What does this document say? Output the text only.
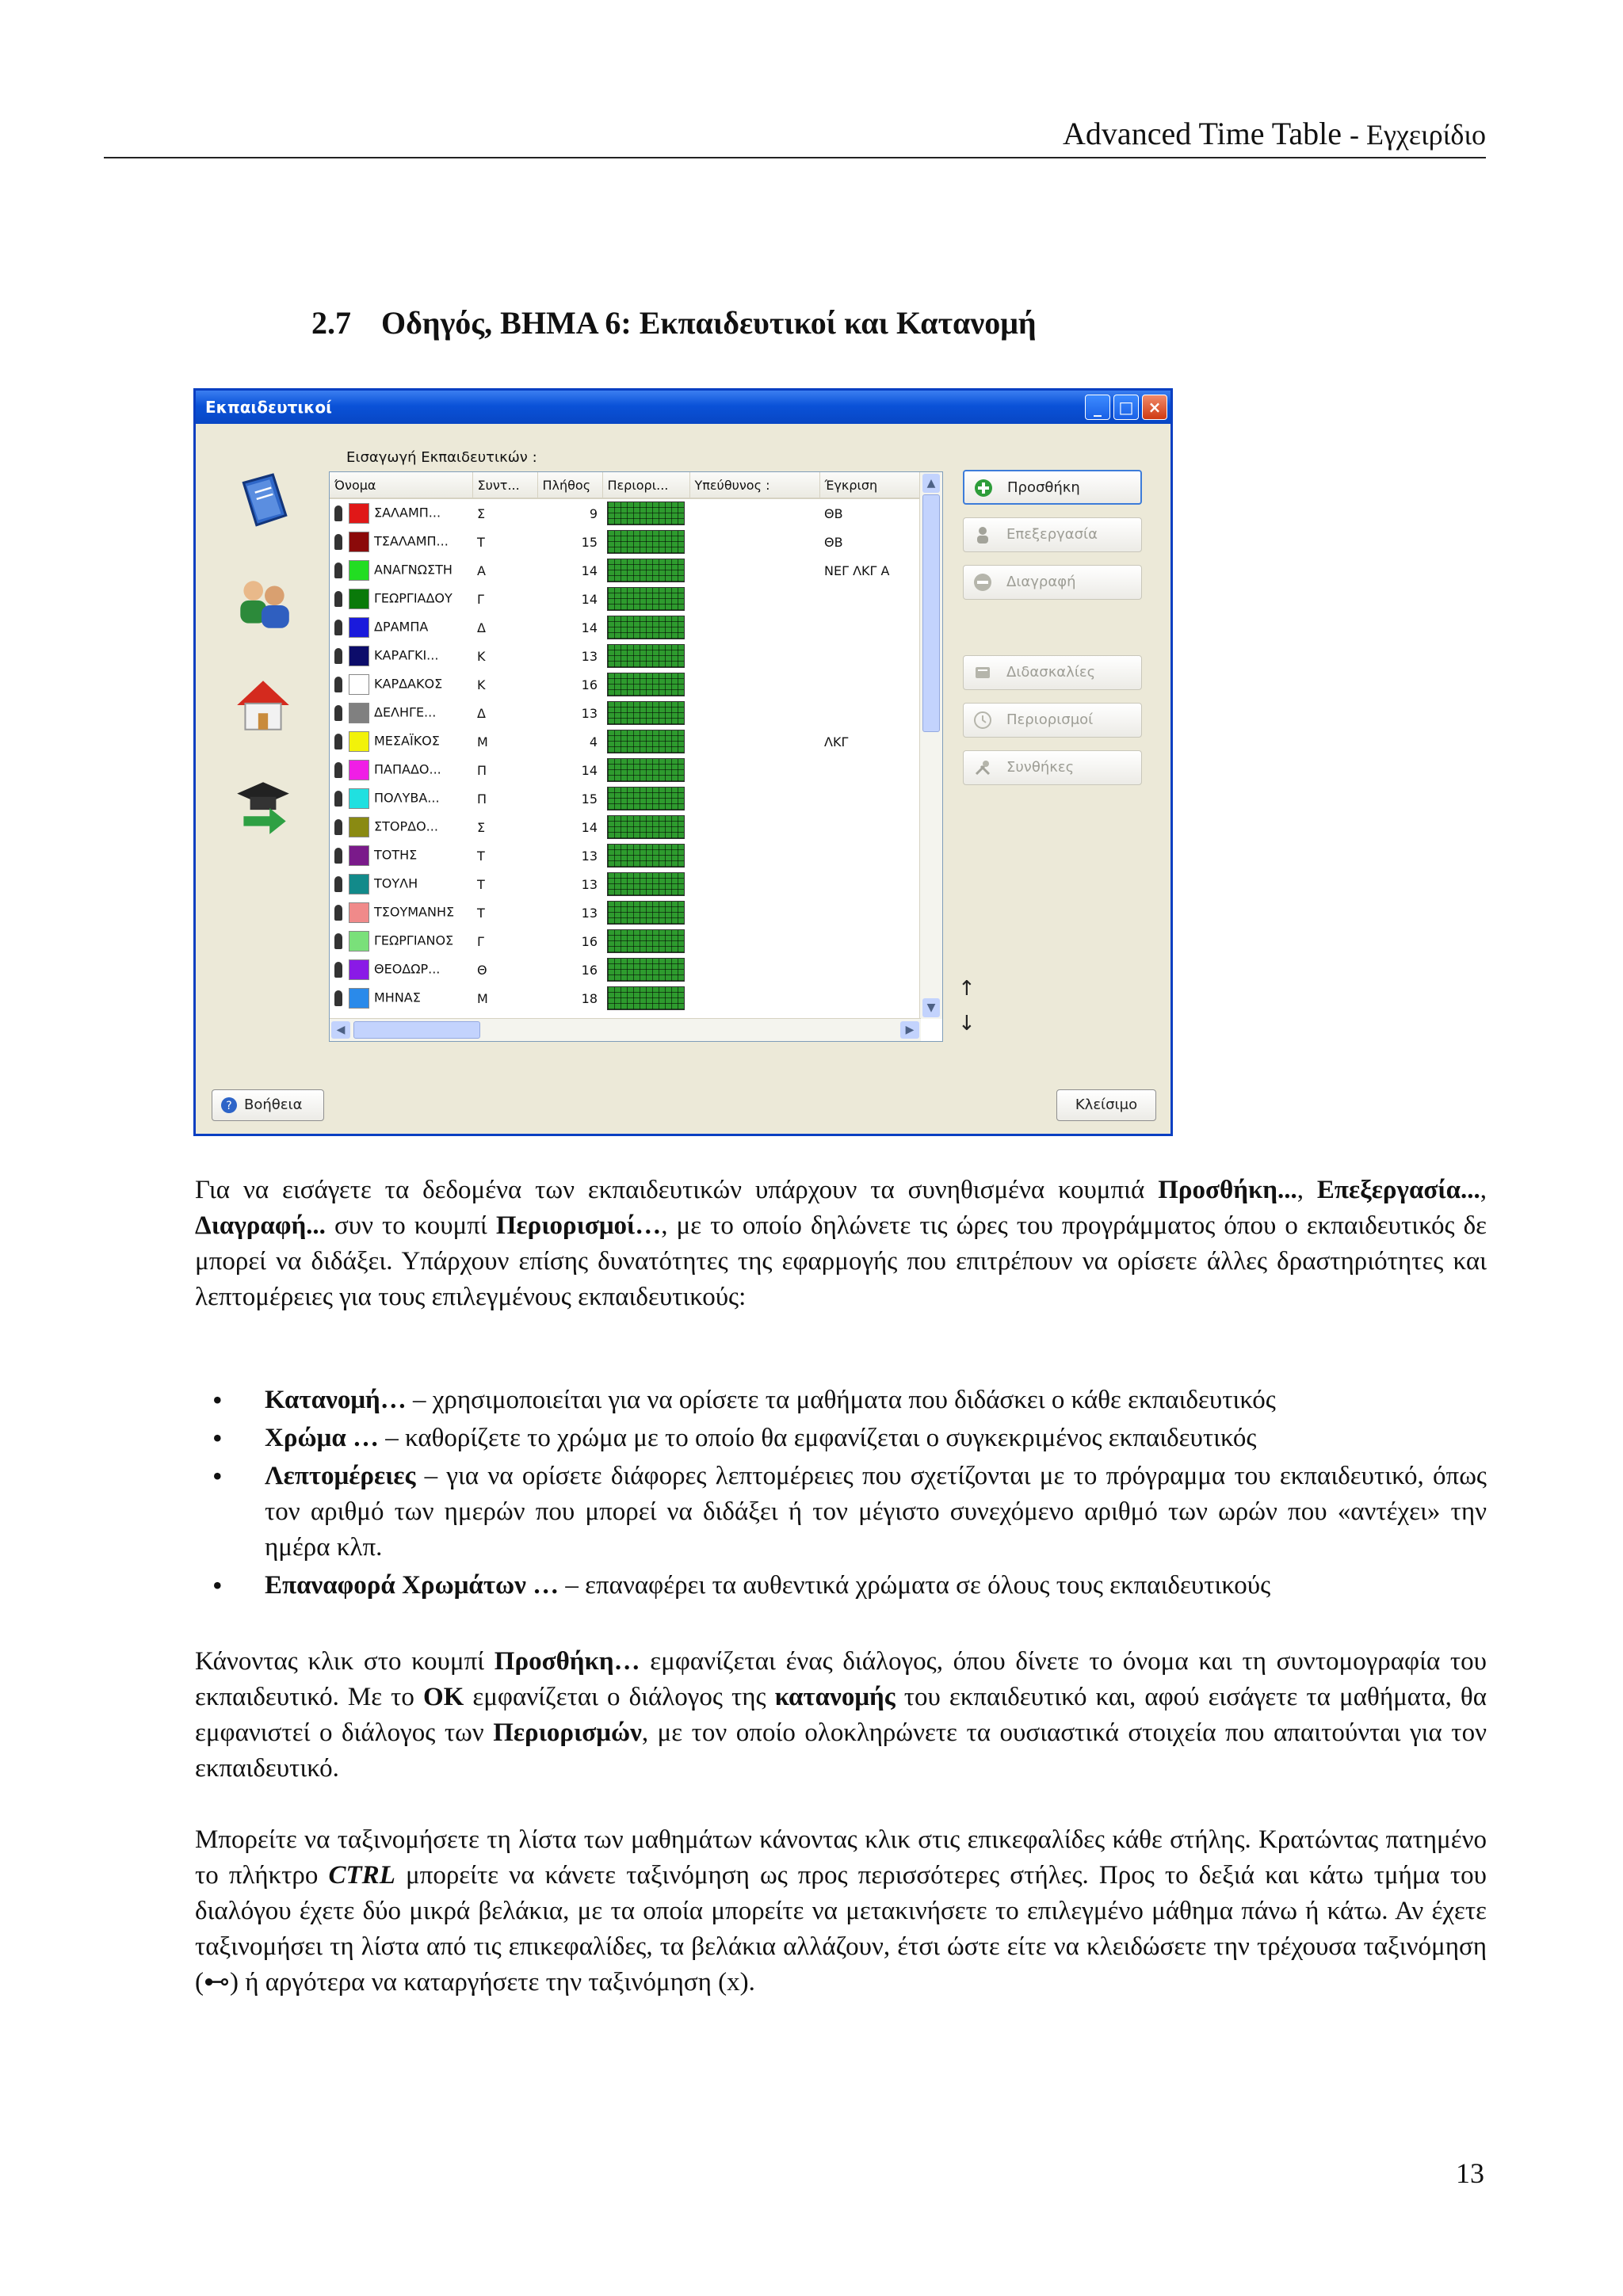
Advanced Time Table - Εγχειρίδιο
2.7 Οδηγός, ΒΗΜΑ 6: Εκπαιδευτικοί και Κατανομή
Εκπαιδευτικοί	_	□ ×

Εισαγωγή Εκπαιδευτικών :
Όνομα	Συντ...	Πλήθος	Περιορι...	Υπεύθυνος :	Έγκριση
ΣΑΛΑΜΠ...	Σ	9			ΘΒ
ΤΣΑΛΑΜΠ...	Τ	15			ΘΒ
ΑΝΑΓΝΩΣΤΗ	Α	14			ΝΕΓ ΛΚΓ Α
ΓΕΩΡΓΙΑΔΟΥ	Γ	14			
ΔΡΑΜΠΑ	Δ	14			
ΚΑΡΑΓΚΙ...	Κ	13			
ΚΑΡΔΑΚΟΣ	Κ	16			
ΔΕΛΗΓΕ...	Δ	13			
ΜΕΣΑΪΚΟΣ	Μ	4			ΛΚΓ
ΠΑΠΑΔΟ...	Π	14			
ΠΟΛΥΒΑ...	Π	15			
ΣΤΟΡΔΟ...	Σ	14			
ΤΟΤΗΣ	Τ	13			
ΤΟΥΛΗ	Τ	13			
ΤΣΟΥΜΑΝΗΣ	Τ	13			
ΓΕΩΡΓΙΑΝΟΣ	Γ	16			
ΘΕΟΔΩΡ...	Θ	16			
ΜΗΝΑΣ	Μ	18			
▲
▼
◀	▶
Προσθήκη
Επεξεργασία
Διαγραφή
Διδασκαλίες
Περιορισμοί
Συνθήκες
↑
↓
? Βοήθεια	Κλείσιμο

Για να εισάγετε τα δεδομένα των εκπαιδευτικών υπάρχουν τα συνηθισμένα κουμπιά Προσθήκη..., Επεξεργασία..., Διαγραφή... συν το κουμπί Περιορισμοί…, με το οποίο δηλώνετε τις ώρες του προγράμματος όπου ο εκπαιδευτικός δε μπορεί να διδάξει. Υπάρχουν επίσης δυνατότητες της εφαρμογής που επιτρέπουν να ορίσετε άλλες δραστηριότητες και λεπτομέρειες για τους επιλεγμένους εκπαιδευτικούς:

• Κατανομή… – χρησιμοποιείται για να ορίσετε τα μαθήματα που διδάσκει ο κάθε εκπαιδευτικός
• Χρώμα … – καθορίζετε το χρώμα με το οποίο θα εμφανίζεται ο συγκεκριμένος εκπαιδευτικός
• Λεπτομέρειες – για να ορίσετε διάφορες λεπτομέρειες που σχετίζονται με το πρόγραμμα του εκπαιδευτικό, όπως τον αριθμό των ημερών που μπορεί να διδάξει ή τον μέγιστο συνεχόμενο αριθμό των ωρών που «αντέχει» την ημέρα κλπ.
• Επαναφορά Χρωμάτων … – επαναφέρει τα αυθεντικά χρώματα σε όλους τους εκπαιδευτικούς

Κάνοντας κλικ στο κουμπί Προσθήκη… εμφανίζεται ένας διάλογος, όπου δίνετε το όνομα και τη συντομογραφία του εκπαιδευτικό. Με το ΟΚ εμφανίζεται ο διάλογος της κατανομής του εκπαιδευτικό και, αφού εισάγετε τα μαθήματα, θα εμφανιστεί ο διάλογος των Περιορισμών, με τον οποίο ολοκληρώνετε τα ουσιαστικά στοιχεία που απαιτούνται για τον εκπαιδευτικό.

Μπορείτε να ταξινομήσετε τη λίστα των μαθημάτων κάνοντας κλικ στις επικεφαλίδες κάθε στήλης. Κρατώντας πατημένο το πλήκτρο CTRL μπορείτε να κάνετε ταξινόμηση ως προς περισσότερες στήλες. Προς το δεξιά και κάτω τμήμα του διαλόγου έχετε δύο μικρά βελάκια, με τα οποία μπορείτε να μετακινήσετε το επιλεγμένο μάθημα πάνω ή κάτω. Αν έχετε ταξινομήσει τη λίστα από τις επικεφαλίδες, τα βελάκια αλλάζουν, έτσι ώστε είτε να κλειδώσετε την τρέχουσα ταξινόμηση (⊷) ή αργότερα να καταργήσετε την ταξινόμηση (x).

13
